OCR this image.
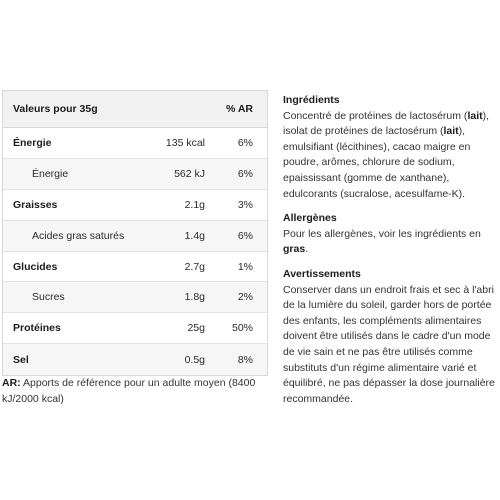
Valeurs pour 35g	% AR
Énergie	135 kcal	6%
Énergie	562 kJ	6%
Graisses	2.1g	3%
Acides gras saturés	1.4g	6%
Glucides	2.7g	1%
Sucres	1.8g	2%
Protéines	25g	50%
Sel	0.5g	8%
AR: Apports de référence pour un adulte moyen (8400 kJ/2000 kcal)
Ingrédients
Concentré de protéines de lactosérum (lait), isolat de protéines de lactosérum (lait), emulsifiant (lécithines), cacao maigre en poudre, arômes, chlorure de sodium, epaississant (gomme de xanthane), edulcorants (sucralose, acesulfame-K).
Allergènes
Pour les allergènes, voir les ingrédients en gras.
Avertissements
Conserver dans un endroit frais et sec à l'abri de la lumière du soleil, garder hors de portée des enfants, les compléments alimentaires doivent être utilisés dans le cadre d'un mode de vie sain et ne pas être utilisés comme substituts d'un régime alimentaire varié et équilibré, ne pas dépasser la dose journalière recommandée.
